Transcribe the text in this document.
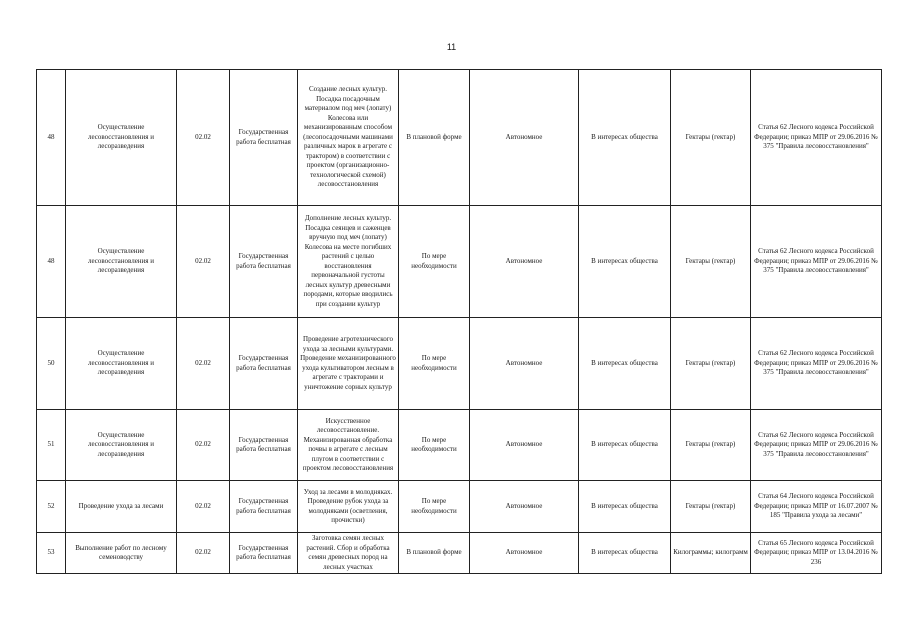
11
48	Осуществление лесовосстановления и лесоразведения	02.02	Государственная работа бесплатная	Создание лесных культур. Посадка посадочным материалом под меч (лопату) Колесова или механизированным способом (лесопосадочными машинами различных марок в агрегате с трактором) в соответствии с проектом (организационно-технологической схемой) лесовосстановления	В плановой форме	Автономное	В интересах общества	Гектары (гектар)	Статья 62 Лесного кодекса Российской Федерации; приказ МПР от 29.06.2016 № 375 "Правила лесовосстановления"
48	Осуществление лесовосстановления и лесоразведения	02.02	Государственная работа бесплатная	Дополнение лесных культур. Посадка сеянцев и саженцев вручную под меч (лопату) Колесова на месте погибших растений с целью восстановления первоначальной густоты лесных культур древесными породами, которые вводились при создании культур	По мере необходимости	Автономное	В интересах общества	Гектары (гектар)	Статья 62 Лесного кодекса Российской Федерации; приказ МПР от 29.06.2016 № 375 "Правила лесовосстановления"
50	Осуществление лесовосстановления и лесоразведения	02.02	Государственная работа бесплатная	Проведение агротехнического ухода за лесными культурами. Проведение механизированного ухода культиватором лесным в агрегате с тракторами и уничтожение сорных культур	По мере необходимости	Автономное	В интересах общества	Гектары (гектар)	Статья 62 Лесного кодекса Российской Федерации; приказ МПР от 29.06.2016 № 375 "Правила лесовосстановления"
51	Осуществление лесовосстановления и лесоразведения	02.02	Государственная работа бесплатная	Искусственное лесовосстановление. Механизированная обработка почвы в агрегате с лесным плугом в соответствии с проектом лесовосстановления	По мере необходимости	Автономное	В интересах общества	Гектары (гектар)	Статья 62 Лесного кодекса Российской Федерации; приказ МПР от 29.06.2016 № 375 "Правила лесовосстановления"
52	Проведение ухода за лесами	02.02	Государственная работа бесплатная	Уход за лесами в молодняках. Проведение рубок ухода за молодняками (осветления, прочистки)	По мере необходимости	Автономное	В интересах общества	Гектары (гектар)	Статья 64 Лесного кодекса Российской Федерации; приказ МПР от 16.07.2007 № 185 "Правила ухода за лесами"
53	Выполнение работ по лесному семеноводству	02.02	Государственная работа бесплатная	Заготовка семян лесных растений. Сбор и обработка семян древесных пород на лесных участках	В плановой форме	Автономное	В интересах общества	Килограммы; килограмм	Статья 65 Лесного кодекса Российской Федерации; приказ МПР от 13.04.2016 № 236
